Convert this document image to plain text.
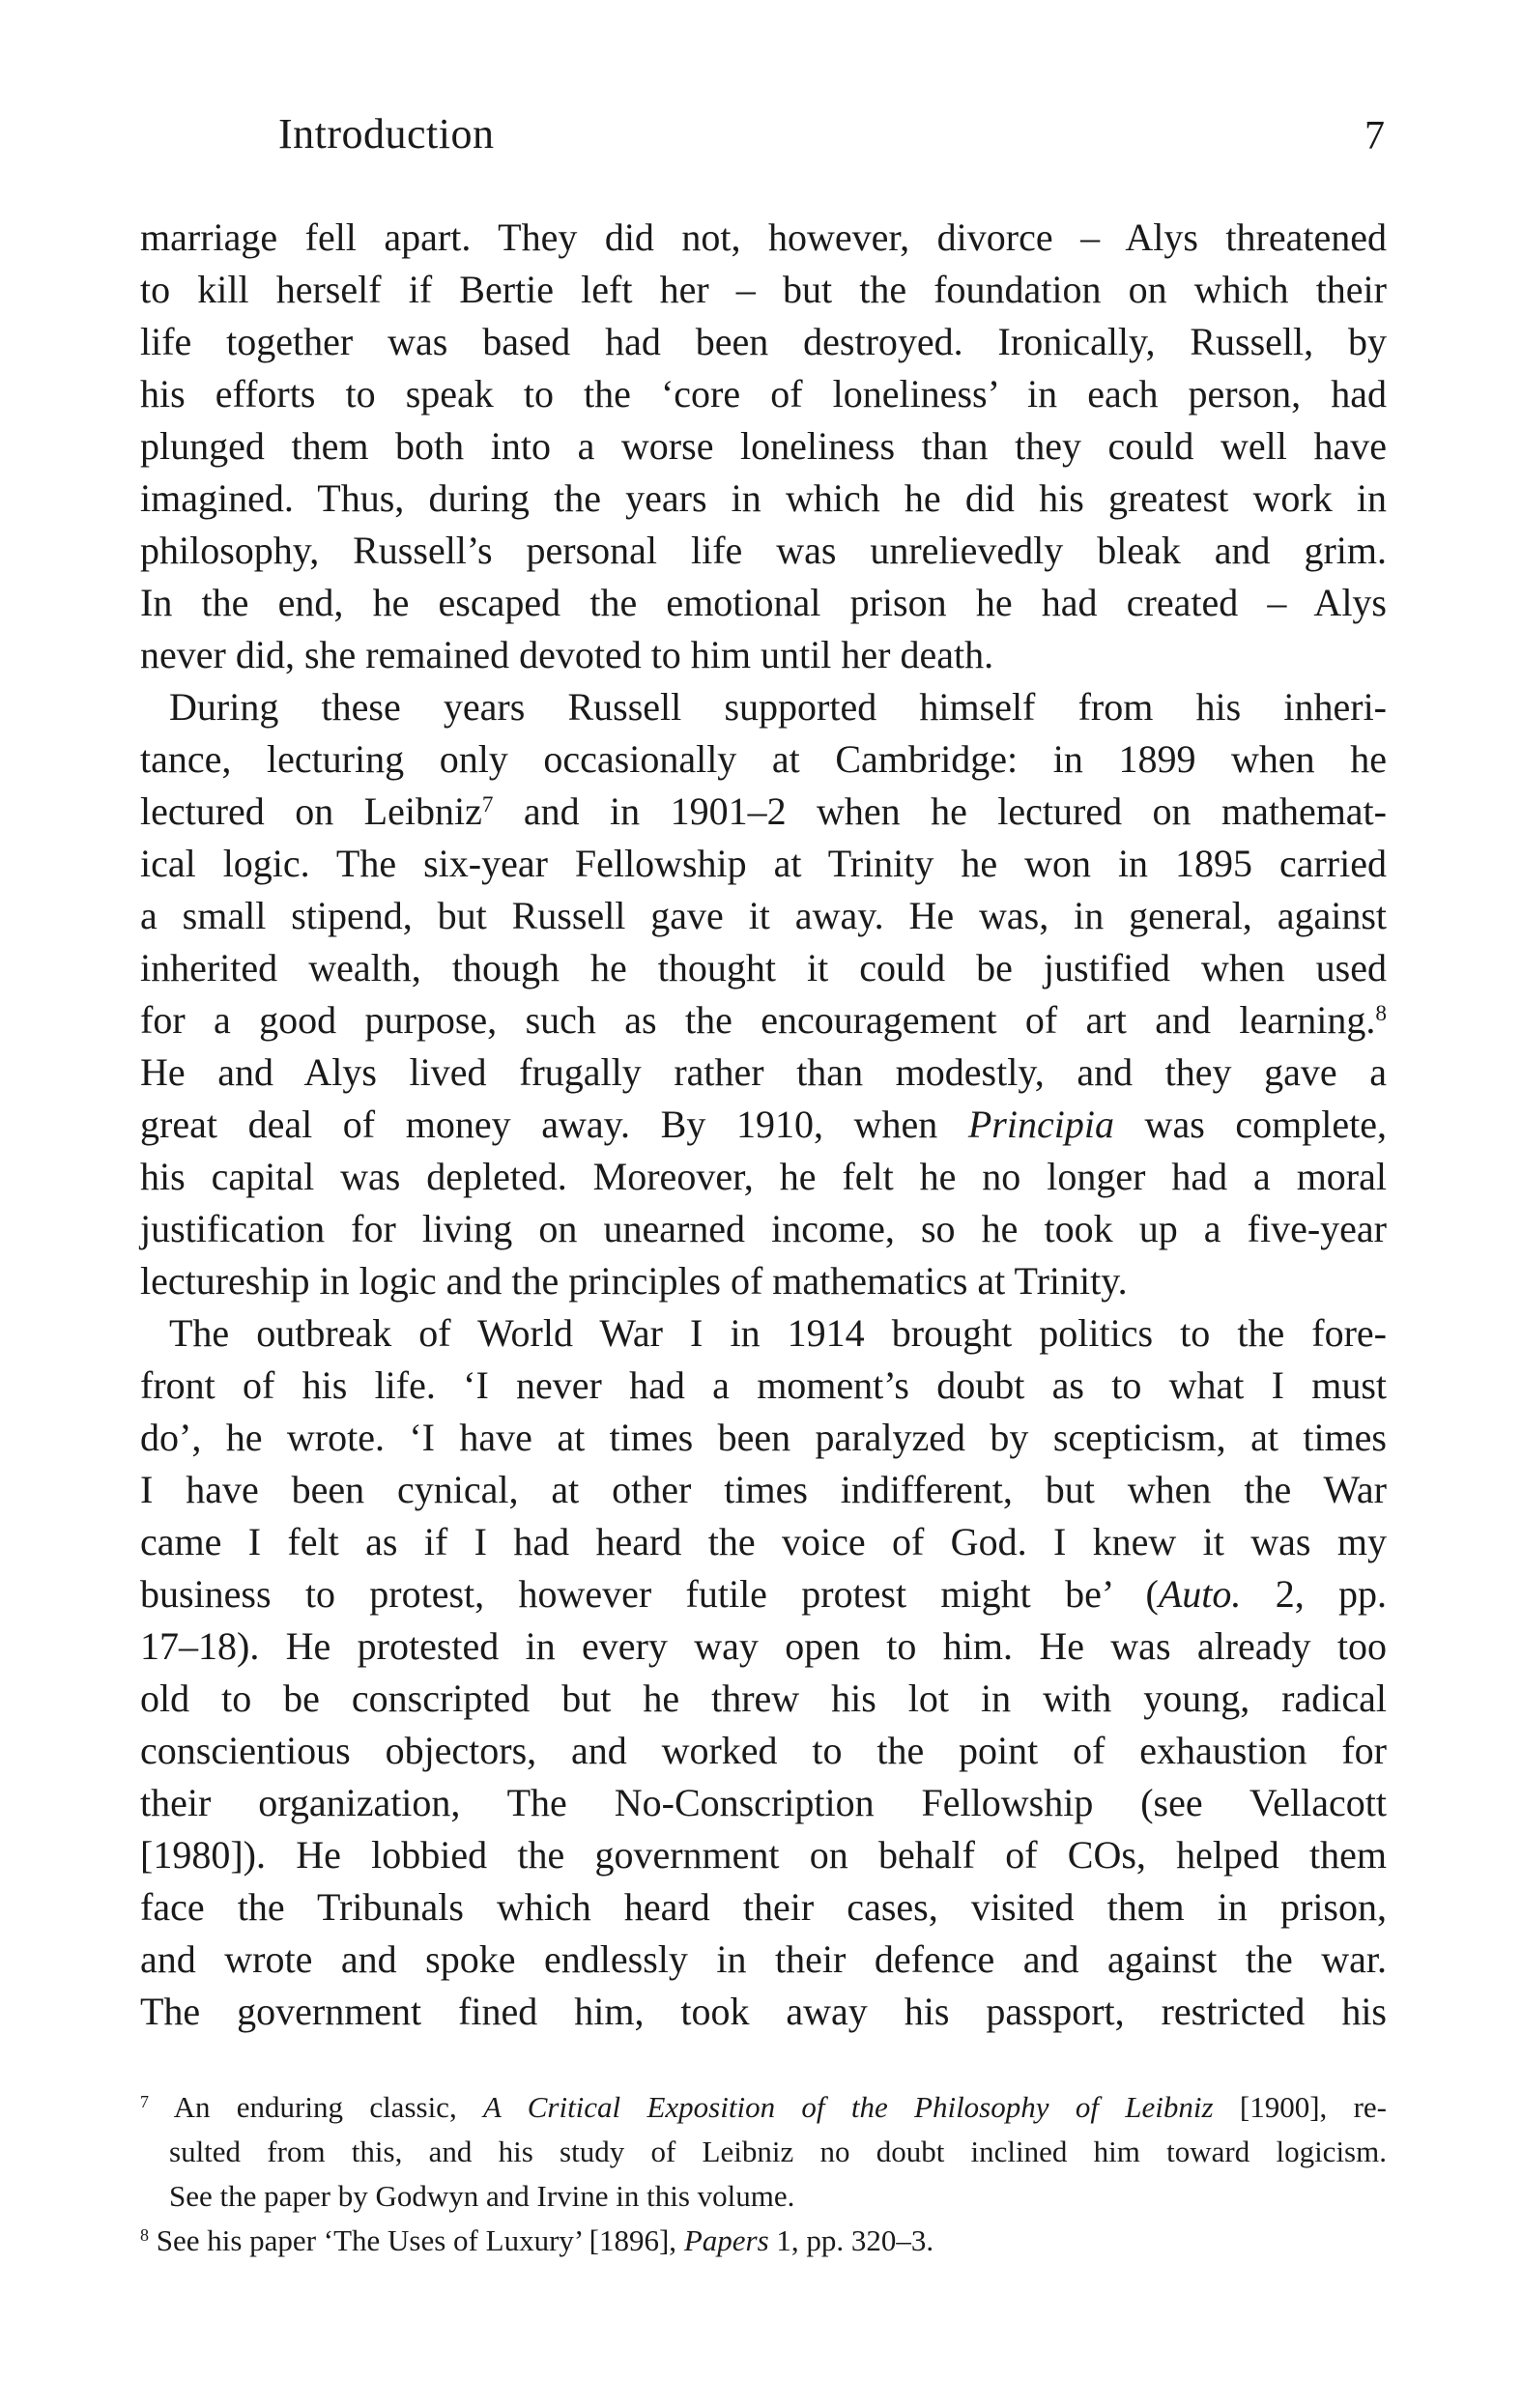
Introduction	7
marriage fell apart. They did not, however, divorce – Alys threatened
to kill herself if Bertie left her – but the foundation on which their
life together was based had been destroyed. Ironically, Russell, by
his efforts to speak to the ‘core of loneliness’ in each person, had
plunged them both into a worse loneliness than they could well have
imagined. Thus, during the years in which he did his greatest work in
philosophy, Russell’s personal life was unrelievedly bleak and grim.
In the end, he escaped the emotional prison he had created – Alys
never did, she remained devoted to him until her death.
During these years Russell supported himself from his inheri-
tance, lecturing only occasionally at Cambridge: in 1899 when he
lectured on Leibniz$^7$ and in 1901–2 when he lectured on mathemat-
ical logic. The six-year Fellowship at Trinity he won in 1895 carried
a small stipend, but Russell gave it away. He was, in general, against
inherited wealth, though he thought it could be justified when used
for a good purpose, such as the encouragement of art and learning.$^8$
He and Alys lived frugally rather than modestly, and they gave a
great deal of money away. By 1910, when Principia was complete,
his capital was depleted. Moreover, he felt he no longer had a moral
justification for living on unearned income, so he took up a five-year
lectureship in logic and the principles of mathematics at Trinity.
The outbreak of World War I in 1914 brought politics to the fore-
front of his life. ‘I never had a moment’s doubt as to what I must
do’, he wrote. ‘I have at times been paralyzed by scepticism, at times
I have been cynical, at other times indifferent, but when the War
came I felt as if I had heard the voice of God. I knew it was my
business to protest, however futile protest might be’ (Auto. 2, pp.
17–18). He protested in every way open to him. He was already too
old to be conscripted but he threw his lot in with young, radical
conscientious objectors, and worked to the point of exhaustion for
their organization, The No-Conscription Fellowship (see Vellacott
[1980]). He lobbied the government on behalf of COs, helped them
face the Tribunals which heard their cases, visited them in prison,
and wrote and spoke endlessly in their defence and against the war.
The government fined him, took away his passport, restricted his
$^7$ An enduring classic, A Critical Exposition of the Philosophy of Leibniz [1900], re-
sulted from this, and his study of Leibniz no doubt inclined him toward logicism.
See the paper by Godwyn and Irvine in this volume.
$^8$ See his paper ‘The Uses of Luxury’ [1896], Papers 1, pp. 320–3.
